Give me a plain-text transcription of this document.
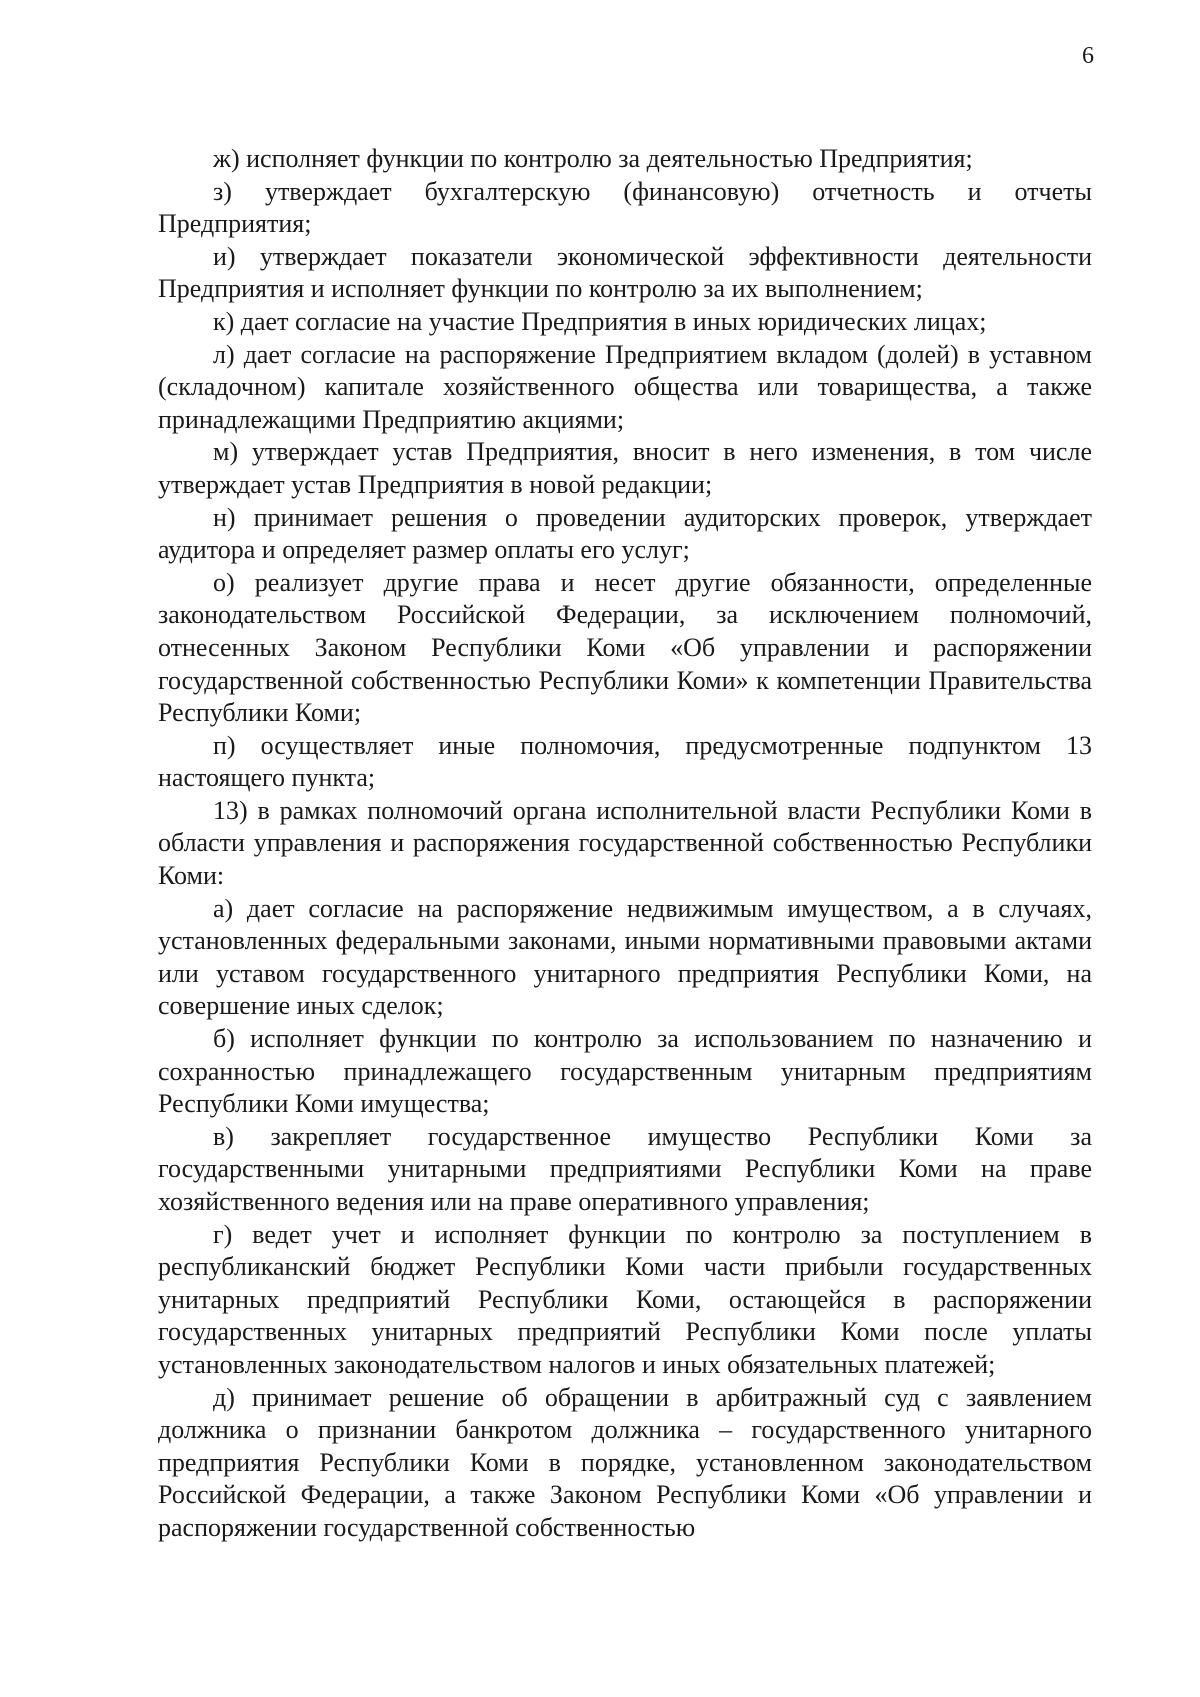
6

ж) исполняет функции по контролю за деятельностью Предприятия;

з) утверждает бухгалтерскую (финансовую) отчетность и отчеты Предприятия;

и) утверждает показатели экономической эффективности деятельности Предприятия и исполняет функции по контролю за их выполнением;

к) дает согласие на участие Предприятия в иных юридических лицах;

л) дает согласие на распоряжение Предприятием вкладом (долей) в уставном (складочном) капитале хозяйственного общества или товарищества, а также принадлежащими Предприятию акциями;

м) утверждает устав Предприятия, вносит в него изменения, в том числе утверждает устав Предприятия в новой редакции;

н) принимает решения о проведении аудиторских проверок, утверждает аудитора и определяет размер оплаты его услуг;

о) реализует другие права и несет другие обязанности, определенные законодательством Российской Федерации, за исключением полномочий, отнесенных Законом Республики Коми «Об управлении и распоряжении государственной собственностью Республики Коми» к компетенции Правительства Республики Коми;

п) осуществляет иные полномочия, предусмотренные подпунктом 13 настоящего пункта;

13) в рамках полномочий органа исполнительной власти Республики Коми в области управления и распоряжения государственной собственностью Республики Коми:

а) дает согласие на распоряжение недвижимым имуществом, а в случаях, установленных федеральными законами, иными нормативными правовыми актами или уставом государственного унитарного предприятия Республики Коми, на совершение иных сделок;

б) исполняет функции по контролю за использованием по назначению и сохранностью принадлежащего государственным унитарным предприятиям Республики Коми имущества;

в) закрепляет государственное имущество Республики Коми за государственными унитарными предприятиями Республики Коми на праве хозяйственного ведения или на праве оперативного управления;

г) ведет учет и исполняет функции по контролю за поступлением в республиканский бюджет Республики Коми части прибыли государственных унитарных предприятий Республики Коми, остающейся в распоряжении государственных унитарных предприятий Республики Коми после уплаты установленных законодательством налогов и иных обязательных платежей;

д) принимает решение об обращении в арбитражный суд с заявлением должника о признании банкротом должника – государственного унитарного предприятия Республики Коми в порядке, установленном законодательством Российской Федерации, а также Законом Республики Коми «Об управлении и распоряжении государственной собственностью
